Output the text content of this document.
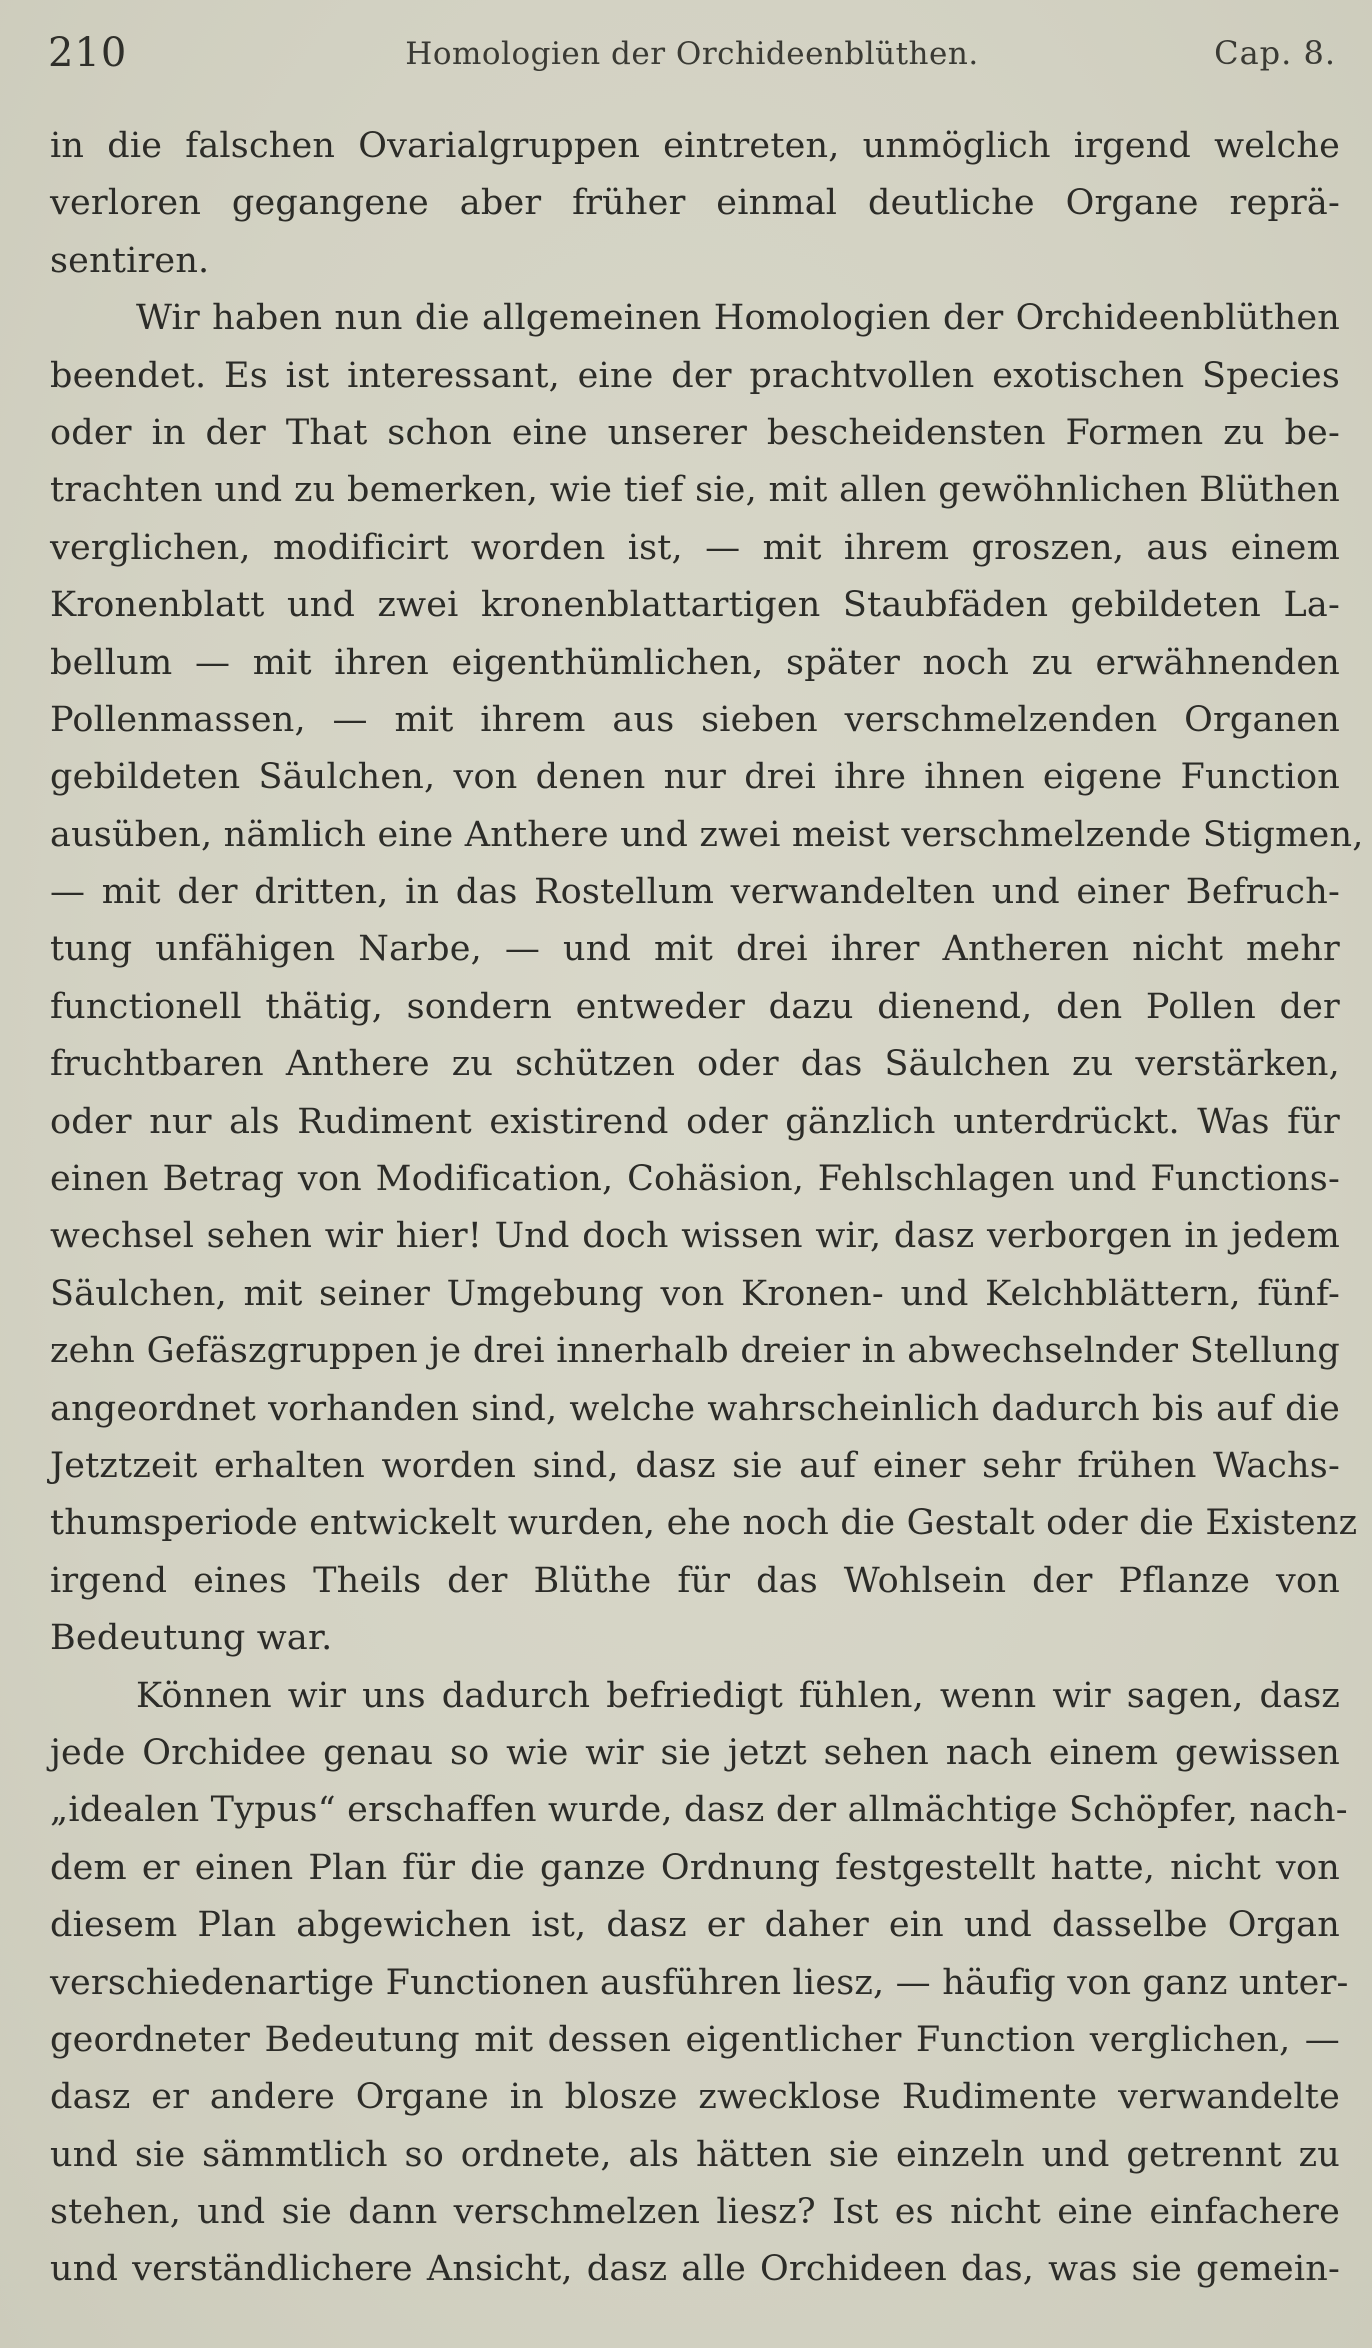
210	Homologien der Orchideenblüthen.	Cap. 8.
in die falschen Ovarialgruppen eintreten, unmöglich irgend welche
verloren gegangene aber früher einmal deutliche Organe reprä-
sentiren.
Wir haben nun die allgemeinen Homologien der Orchideenblüthen
beendet. Es ist interessant, eine der prachtvollen exotischen Species
oder in der That schon eine unserer bescheidensten Formen zu be-
trachten und zu bemerken, wie tief sie, mit allen gewöhnlichen Blüthen
verglichen, modificirt worden ist, — mit ihrem groszen, aus einem
Kronenblatt und zwei kronenblattartigen Staubfäden gebildeten La-
bellum — mit ihren eigenthümlichen, später noch zu erwähnenden
Pollenmassen, — mit ihrem aus sieben verschmelzenden Organen
gebildeten Säulchen, von denen nur drei ihre ihnen eigene Function
ausüben, nämlich eine Anthere und zwei meist verschmelzende Stigmen,
— mit der dritten, in das Rostellum verwandelten und einer Befruch-
tung unfähigen Narbe, — und mit drei ihrer Antheren nicht mehr
functionell thätig, sondern entweder dazu dienend, den Pollen der
fruchtbaren Anthere zu schützen oder das Säulchen zu verstärken,
oder nur als Rudiment existirend oder gänzlich unterdrückt. Was für
einen Betrag von Modification, Cohäsion, Fehlschlagen und Functions-
wechsel sehen wir hier! Und doch wissen wir, dasz verborgen in jedem
Säulchen, mit seiner Umgebung von Kronen- und Kelchblättern, fünf-
zehn Gefäszgruppen je drei innerhalb dreier in abwechselnder Stellung
angeordnet vorhanden sind, welche wahrscheinlich dadurch bis auf die
Jetztzeit erhalten worden sind, dasz sie auf einer sehr frühen Wachs-
thumsperiode entwickelt wurden, ehe noch die Gestalt oder die Existenz
irgend eines Theils der Blüthe für das Wohlsein der Pflanze von
Bedeutung war.
Können wir uns dadurch befriedigt fühlen, wenn wir sagen, dasz
jede Orchidee genau so wie wir sie jetzt sehen nach einem gewissen
„idealen Typus“ erschaffen wurde, dasz der allmächtige Schöpfer, nach-
dem er einen Plan für die ganze Ordnung festgestellt hatte, nicht von
diesem Plan abgewichen ist, dasz er daher ein und dasselbe Organ
verschiedenartige Functionen ausführen liesz, — häufig von ganz unter-
geordneter Bedeutung mit dessen eigentlicher Function verglichen, —
dasz er andere Organe in blosze zwecklose Rudimente verwandelte
und sie sämmtlich so ordnete, als hätten sie einzeln und getrennt zu
stehen, und sie dann verschmelzen liesz? Ist es nicht eine einfachere
und verständlichere Ansicht, dasz alle Orchideen das, was sie gemein-
